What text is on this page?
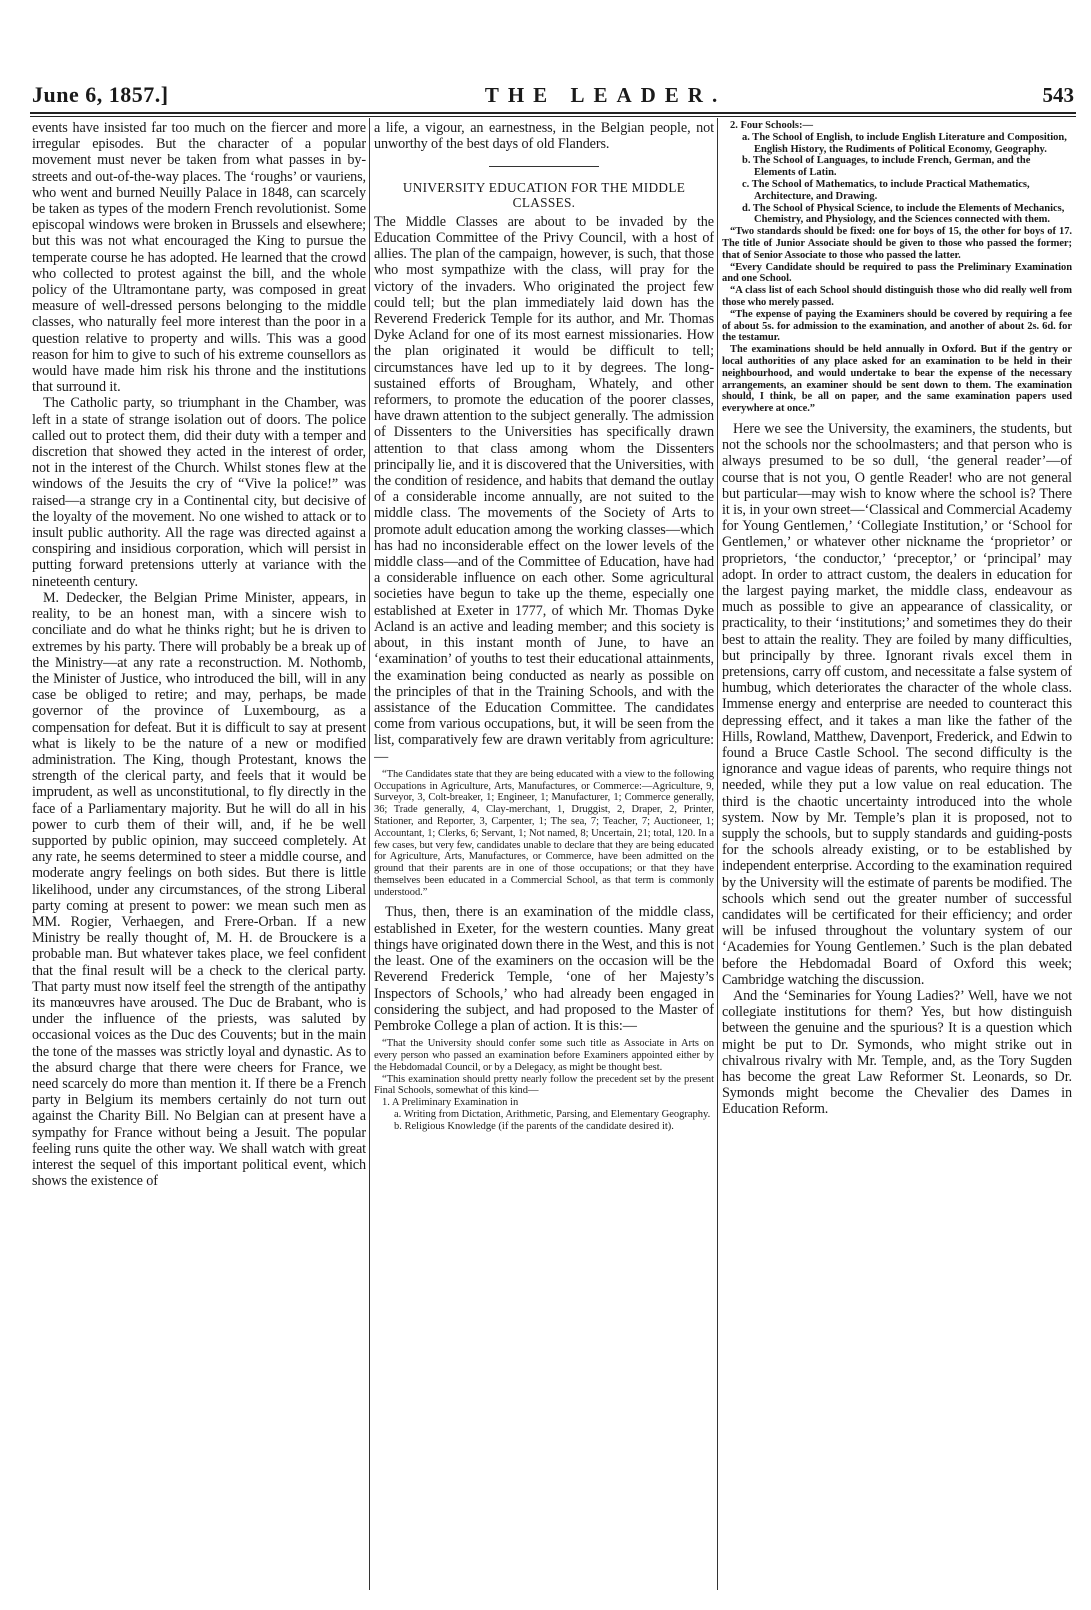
June 6, 1857.]	THE LEADER.	543

events have insisted far too much on the fiercer and more irregular episodes. But the character of a popular movement must never be taken from what passes in by-streets and out-of-the-way places. The ‘roughs’ or vauriens, who went and burned Neuilly Palace in 1848, can scarcely be taken as types of the modern French revolutionist. Some episcopal windows were broken in Brussels and elsewhere; but this was not what encouraged the King to pursue the temperate course he has adopted. He learned that the crowd who collected to protest against the bill, and the whole policy of the Ultramontane party, was composed in great measure of well-dressed persons belonging to the middle classes, who naturally feel more interest than the poor in a question relative to property and wills. This was a good reason for him to give to such of his extreme counsellors as would have made him risk his throne and the institutions that surround it.

The Catholic party, so triumphant in the Chamber, was left in a state of strange isolation out of doors. The police called out to protect them, did their duty with a temper and discretion that showed they acted in the interest of order, not in the interest of the Church. Whilst stones flew at the windows of the Jesuits the cry of “Vive la police!” was raised—a strange cry in a Continental city, but decisive of the loyalty of the movement. No one wished to attack or to insult public authority. All the rage was directed against a conspiring and insidious corporation, which will persist in putting forward pretensions utterly at variance with the nineteenth century.

M. Dedecker, the Belgian Prime Minister, appears, in reality, to be an honest man, with a sincere wish to conciliate and do what he thinks right; but he is driven to extremes by his party. There will probably be a break up of the Ministry—at any rate a reconstruction. M. Nothomb, the Minister of Justice, who introduced the bill, will in any case be obliged to retire; and may, perhaps, be made governor of the province of Luxembourg, as a compensation for defeat. But it is difficult to say at present what is likely to be the nature of a new or modified administration. The King, though Protestant, knows the strength of the clerical party, and feels that it would be imprudent, as well as unconstitutional, to fly directly in the face of a Parliamentary majority. But he will do all in his power to curb them of their will, and, if he be well supported by public opinion, may succeed completely. At any rate, he seems determined to steer a middle course, and moderate angry feelings on both sides. But there is little likelihood, under any circumstances, of the strong Liberal party coming at present to power: we mean such men as MM. Rogier, Verhaegen, and Frere-Orban. If a new Ministry be really thought of, M. H. de Brouckere is a probable man. But whatever takes place, we feel confident that the final result will be a check to the clerical party. That party must now itself feel the strength of the antipathy its manœuvres have aroused. The Duc de Brabant, who is under the influence of the priests, was saluted by occasional voices as the Duc des Couvents; but in the main the tone of the masses was strictly loyal and dynastic. As to the absurd charge that there were cheers for France, we need scarcely do more than mention it. If there be a French party in Belgium its members certainly do not turn out against the Charity Bill. No Belgian can at present have a sympathy for France without being a Jesuit. The popular feeling runs quite the other way. We shall watch with great interest the sequel of this important political event, which shows the existence of

a life, a vigour, an earnestness, in the Belgian people, not unworthy of the best days of old Flanders.

UNIVERSITY EDUCATION FOR THE MIDDLE CLASSES.

The Middle Classes are about to be invaded by the Education Committee of the Privy Council, with a host of allies. The plan of the campaign, however, is such, that those who most sympathize with the class, will pray for the victory of the invaders. Who originated the project few could tell; but the plan immediately laid down has the Reverend Frederick Temple for its author, and Mr. Thomas Dyke Acland for one of its most earnest missionaries. How the plan originated it would be difficult to tell; circumstances have led up to it by degrees. The long-sustained efforts of Brougham, Whately, and other reformers, to promote the education of the poorer classes, have drawn attention to the subject generally. The admission of Dissenters to the Universities has specifically drawn attention to that class among whom the Dissenters principally lie, and it is discovered that the Universities, with the condition of residence, and habits that demand the outlay of a considerable income annually, are not suited to the middle class. The movements of the Society of Arts to promote adult education among the working classes—which has had no inconsiderable effect on the lower levels of the middle class—and of the Committee of Education, have had a considerable influence on each other. Some agricultural societies have begun to take up the theme, especially one established at Exeter in 1777, of which Mr. Thomas Dyke Acland is an active and leading member; and this society is about, in this instant month of June, to have an ‘examination’ of youths to test their educational attainments, the examination being conducted as nearly as possible on the principles of that in the Training Schools, and with the assistance of the Education Committee. The candidates come from various occupations, but, it will be seen from the list, comparatively few are drawn veritably from agriculture:—

“The Candidates state that they are being educated with a view to the following Occupations in Agriculture, Arts, Manufactures, or Commerce:—Agriculture, 9, Surveyor, 3, Colt-breaker, 1; Engineer, 1; Manufacturer, 1; Commerce generally, 36; Trade generally, 4, Clay-merchant, 1, Druggist, 2, Draper, 2, Printer, Stationer, and Reporter, 3, Carpenter, 1; The sea, 7; Teacher, 7; Auctioneer, 1; Accountant, 1; Clerks, 6; Servant, 1; Not named, 8; Uncertain, 21; total, 120. In a few cases, but very few, candidates unable to declare that they are being educated for Agriculture, Arts, Manufactures, or Commerce, have been admitted on the ground that their parents are in one of those occupations; or that they have themselves been educated in a Commercial School, as that term is commonly understood.”

Thus, then, there is an examination of the middle class, established in Exeter, for the western counties. Many great things have originated down there in the West, and this is not the least. One of the examiners on the occasion will be the Reverend Frederick Temple, ‘one of her Majesty’s Inspectors of Schools,’ who had already been engaged in considering the subject, and had proposed to the Master of Pembroke College a plan of action. It is this:—

“That the University should confer some such title as Associate in Arts on every person who passed an examination before Examiners appointed either by the Hebdomadal Council, or by a Delegacy, as might be thought best.

“This examination should pretty nearly follow the precedent set by the present Final Schools, somewhat of this kind—

1. A Preliminary Examination in
a. Writing from Dictation, Arithmetic, Parsing, and Elementary Geography.
b. Religious Knowledge (if the parents of the candidate desired it).
2. Four Schools:—
a. The School of English, to include English Literature and Composition, English History, the Rudiments of Political Economy, Geography.
b. The School of Languages, to include French, German, and the Elements of Latin.
c. The School of Mathematics, to include Practical Mathematics, Architecture, and Drawing.
d. The School of Physical Science, to include the Elements of Mechanics, Chemistry, and Physiology, and the Sciences connected with them.

“Two standards should be fixed: one for boys of 15, the other for boys of 17. The title of Junior Associate should be given to those who passed the former; that of Senior Associate to those who passed the latter.

“Every Candidate should be required to pass the Preliminary Examination and one School.

“A class list of each School should distinguish those who did really well from those who merely passed.

“The expense of paying the Examiners should be covered by requiring a fee of about 5s. for admission to the examination, and another of about 2s. 6d. for the testamur.

The examinations should be held annually in Oxford. But if the gentry or local authorities of any place asked for an examination to be held in their neighbourhood, and would undertake to bear the expense of the necessary arrangements, an examiner should be sent down to them. The examination should, I think, be all on paper, and the same examination papers used everywhere at once.”

Here we see the University, the examiners, the students, but not the schools nor the schoolmasters; and that person who is always presumed to be so dull, ‘the general reader’—of course that is not you, O gentle Reader! who are not general but particular—may wish to know where the school is? There it is, in your own street—‘Classical and Commercial Academy for Young Gentlemen,’ ‘Collegiate Institution,’ or ‘School for Gentlemen,’ or whatever other nickname the ‘proprietor’ or proprietors, ‘the conductor,’ ‘preceptor,’ or ‘principal’ may adopt. In order to attract custom, the dealers in education for the largest paying market, the middle class, endeavour as much as possible to give an appearance of classicality, or practicality, to their ‘institutions;’ and sometimes they do their best to attain the reality. They are foiled by many difficulties, but principally by three. Ignorant rivals excel them in pretensions, carry off custom, and necessitate a false system of humbug, which deteriorates the character of the whole class. Immense energy and enterprise are needed to counteract this depressing effect, and it takes a man like the father of the Hills, Rowland, Matthew, Davenport, Frederick, and Edwin to found a Bruce Castle School. The second difficulty is the ignorance and vague ideas of parents, who require things not needed, while they put a low value on real education. The third is the chaotic uncertainty introduced into the whole system. Now by Mr. Temple’s plan it is proposed, not to supply the schools, but to supply standards and guiding-posts for the schools already existing, or to be established by independent enterprise. According to the examination required by the University will the estimate of parents be modified. The schools which send out the greater number of successful candidates will be certificated for their efficiency; and order will be infused throughout the voluntary system of our ‘Academies for Young Gentlemen.’ Such is the plan debated before the Hebdomadal Board of Oxford this week; Cambridge watching the discussion.

And the ‘Seminaries for Young Ladies?’ Well, have we not collegiate institutions for them? Yes, but how distinguish between the genuine and the spurious? It is a question which might be put to Dr. Symonds, who might strike out in chivalrous rivalry with Mr. Temple, and, as the Tory Sugden has become the great Law Reformer St. Leonards, so Dr. Symonds might become the Chevalier des Dames in Education Reform.
